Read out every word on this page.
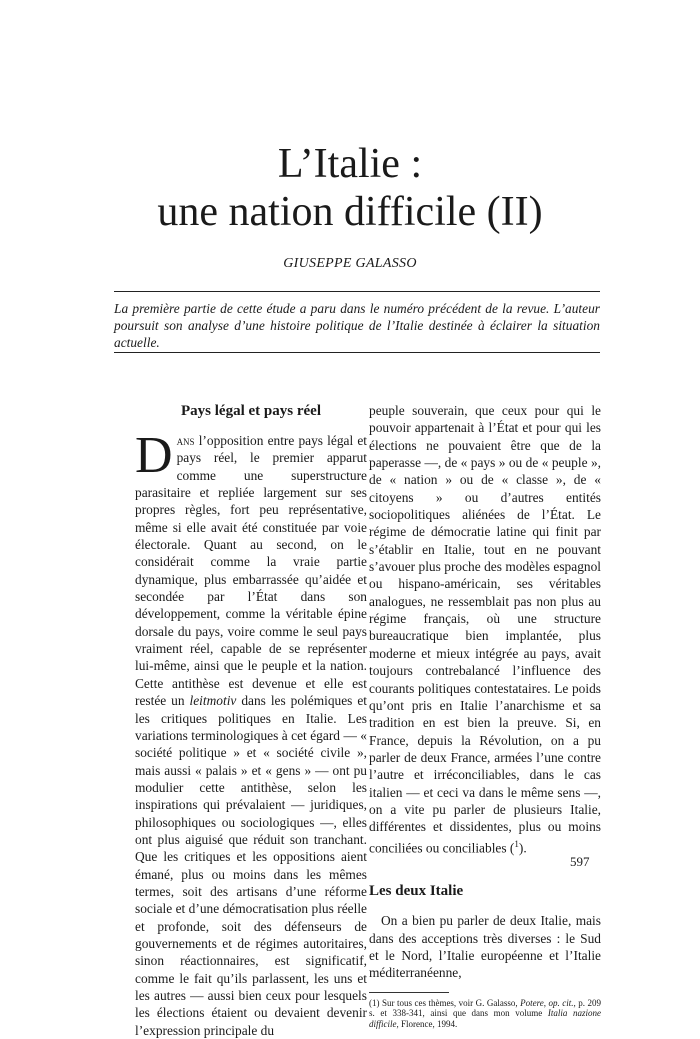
L’Italie :
une nation difficile (II)
GIUSEPPE GALASSO

La première partie de cette étude a paru dans le numéro précédent de la revue. L’auteur poursuit son analyse d’une histoire politique de l’Italie destinée à éclairer la situation actuelle.

Pays légal et pays réel

Dans l’opposition entre pays légal et pays réel, le premier apparut comme une superstructure parasitaire et repliée largement sur ses propres règles, fort peu représentative, même si elle avait été constituée par voie électorale. Quant au second, on le considérait comme la vraie partie dynamique, plus embarrassée qu’aidée et secondée par l’État dans son développement, comme la véritable épine dorsale du pays, voire comme le seul pays vraiment réel, capable de se représenter lui-même, ainsi que le peuple et la nation. Cette antithèse est devenue et elle est restée un leitmotiv dans les polémiques et les critiques politiques en Italie. Les variations terminologiques à cet égard — « société politique » et « société civile », mais aussi « palais » et « gens » — ont pu modulier cette antithèse, selon les inspirations qui prévalaient — juridiques, philosophiques ou sociologiques —, elles ont plus aiguisé que réduit son tranchant. Que les critiques et les oppositions aient émané, plus ou moins dans les mêmes termes, soit des artisans d’une réforme sociale et d’une démocratisation plus réelle et profonde, soit des défenseurs de gouvernements et de régimes autoritaires, sinon réactionnaires, est significatif, comme le fait qu’ils parlassent, les uns et les autres — aussi bien ceux pour lesquels les élections étaient ou devaient devenir l’expression principale du

peuple souverain, que ceux pour qui le pouvoir appartenait à l’État et pour qui les élections ne pouvaient être que de la paperasse —, de « pays » ou de « peuple », de « nation » ou de « classe », de « citoyens » ou d’autres entités sociopolitiques aliénées de l’État. Le régime de démocratie latine qui finit par s’établir en Italie, tout en ne pouvant s’avouer plus proche des modèles espagnol ou hispano-américain, ses véritables analogues, ne ressemblait pas non plus au régime français, où une structure bureaucratique bien implantée, plus moderne et mieux intégrée au pays, avait toujours contrebalancé l’influence des courants politiques contestataires. Le poids qu’ont pris en Italie l’anarchisme et sa tradition en est bien la preuve. Si, en France, depuis la Révolution, on a pu parler de deux France, armées l’une contre l’autre et irréconciliables, dans le cas italien — et ceci va dans le même sens —, on a vite pu parler de plusieurs Italie, différentes et dissidentes, plus ou moins conciliées ou conciliables ($^1$).

Les deux Italie

On a bien pu parler de deux Italie, mais dans des acceptions très diverses : le Sud et le Nord, l’Italie européenne et l’Italie méditerranéenne,

(1) Sur tous ces thèmes, voir G. Galasso, Potere, op. cit., p. 209 s. et 338-341, ainsi que dans mon volume Italia nazione difficile, Florence, 1994.

597
